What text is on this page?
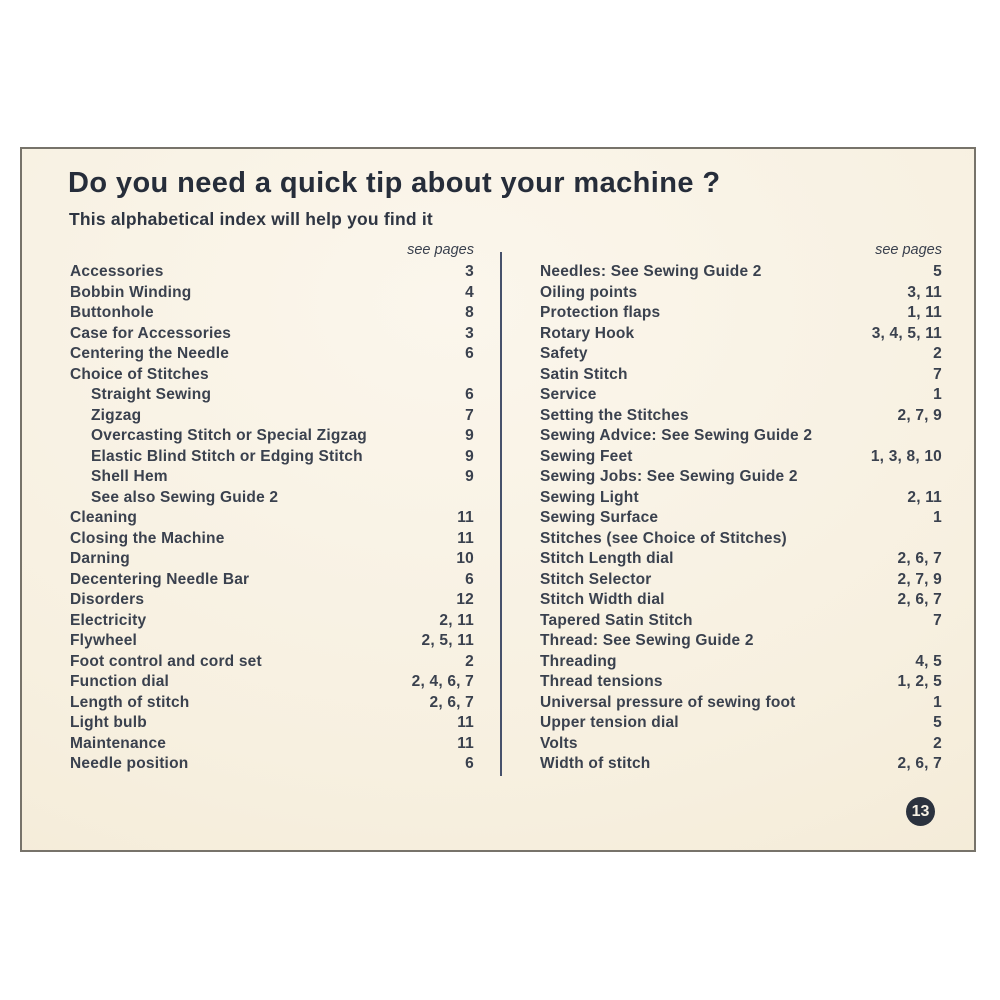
Do you need a quick tip about your machine ?
This alphabetical index will help you find it
see pages
Accessories	3
Bobbin Winding	4
Buttonhole	8
Case for Accessories	3
Centering the Needle	6
Choice of Stitches
Straight Sewing	6
Zigzag	7
Overcasting Stitch or Special Zigzag	9
Elastic Blind Stitch or Edging Stitch	9
Shell Hem	9
See also Sewing Guide 2
Cleaning	11
Closing the Machine	11
Darning	10
Decentering Needle Bar	6
Disorders	12
Electricity	2, 11
Flywheel	2, 5, 11
Foot control and cord set	2
Function dial	2, 4, 6, 7
Length of stitch	2, 6, 7
Light bulb	11
Maintenance	11
Needle position	6
see pages
Needles: See Sewing Guide 2	5
Oiling points	3, 11
Protection flaps	1, 11
Rotary Hook	3, 4, 5, 11
Safety	2
Satin Stitch	7
Service	1
Setting the Stitches	2, 7, 9
Sewing Advice: See Sewing Guide 2
Sewing Feet	1, 3, 8, 10
Sewing Jobs: See Sewing Guide 2
Sewing Light	2, 11
Sewing Surface	1
Stitches (see Choice of Stitches)
Stitch Length dial	2, 6, 7
Stitch Selector	2, 7, 9
Stitch Width dial	2, 6, 7
Tapered Satin Stitch	7
Thread: See Sewing Guide 2
Threading	4, 5
Thread tensions	1, 2, 5
Universal pressure of sewing foot	1
Upper tension dial	5
Volts	2
Width of stitch	2, 6, 7
13
